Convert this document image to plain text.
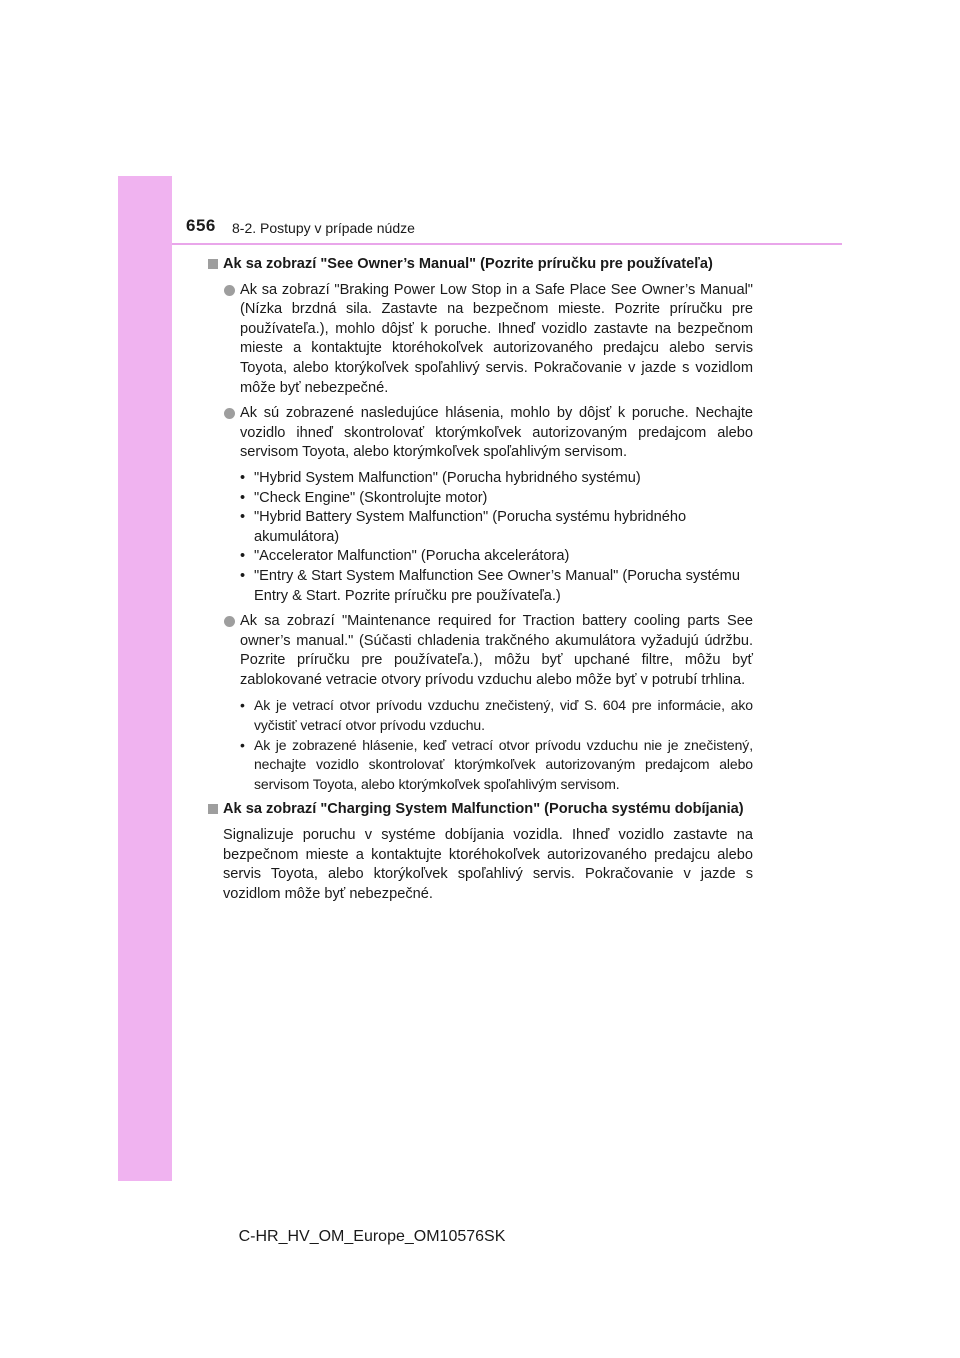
656 8-2. Postupy v prípade núdze
Ak sa zobrazí "See Owner’s Manual" (Pozrite príručku pre používateľa)
Ak sa zobrazí "Braking Power Low Stop in a Safe Place See Owner’s Manual" (Nízka brzdná sila. Zastavte na bezpečnom mieste. Pozrite príručku pre používateľa.), mohlo dôjsť k poruche. Ihneď vozidlo zastavte na bezpečnom mieste a kontaktujte ktoréhokoľvek autorizovaného predajcu alebo servis Toyota, alebo ktorýkoľvek spoľahlivý servis. Pokračovanie v jazde s vozidlom môže byť nebezpečné.
Ak sú zobrazené nasledujúce hlásenia, mohlo by dôjsť k poruche. Nechajte vozidlo ihneď skontrolovať ktorýmkoľvek autorizovaným predajcom alebo servisom Toyota, alebo ktorýmkoľvek spoľahlivým servisom.
• "Hybrid System Malfunction" (Porucha hybridného systému)
• "Check Engine" (Skontrolujte motor)
• "Hybrid Battery System Malfunction" (Porucha systému hybridného akumulátora)
• "Accelerator Malfunction" (Porucha akcelerátora)
• "Entry & Start System Malfunction See Owner’s Manual" (Porucha systému Entry & Start. Pozrite príručku pre používateľa.)
Ak sa zobrazí "Maintenance required for Traction battery cooling parts See owner’s manual." (Súčasti chladenia trakčného akumulátora vyžadujú údržbu. Pozrite príručku pre používateľa.), môžu byť upchané filtre, môžu byť zablokované vetracie otvory prívodu vzduchu alebo môže byť v potrubí trhlina.
• Ak je vetrací otvor prívodu vzduchu znečistený, viď S. 604 pre informácie, ako vyčistiť vetrací otvor prívodu vzduchu.
• Ak je zobrazené hlásenie, keď vetrací otvor prívodu vzduchu nie je znečistený, nechajte vozidlo skontrolovať ktorýmkoľvek autorizovaným predajcom alebo servisom Toyota, alebo ktorýmkoľvek spoľahlivým servisom.
Ak sa zobrazí "Charging System Malfunction" (Porucha systému dobíjania)
Signalizuje poruchu v systéme dobíjania vozidla. Ihneď vozidlo zastavte na bezpečnom mieste a kontaktujte ktoréhokoľvek autorizovaného predajcu alebo servis Toyota, alebo ktorýkoľvek spoľahlivý servis. Pokračovanie v jazde s vozidlom môže byť nebezpečné.
C-HR_HV_OM_Europe_OM10576SK
